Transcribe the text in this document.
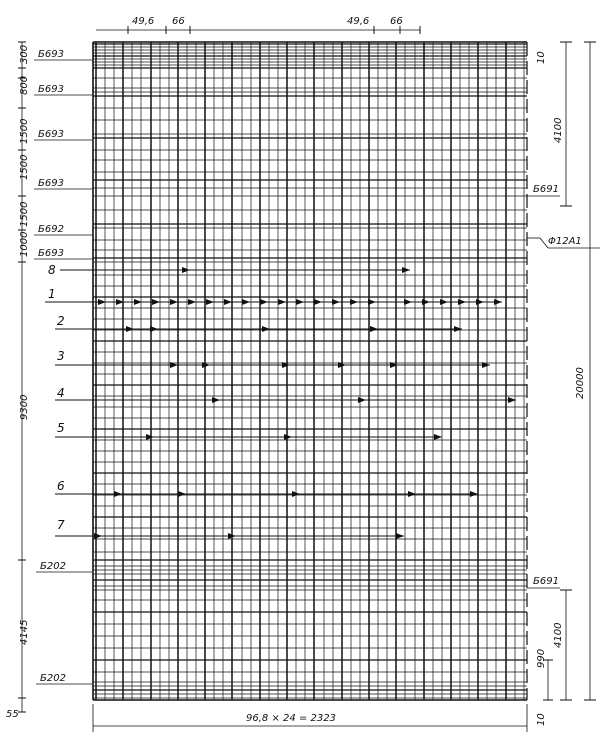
49,6 66	49,6 66
Б693
Б693
Б693
Б693
Б692
Б693
Б202
Б202
300
800
1500
1500
1500
1000
9300
4145
55
Б691
Б691
Φ12А1
10
4100
20000
4100
990
10
96,8 × 24 = 2323
8
1
2
3
4
5
6
7
